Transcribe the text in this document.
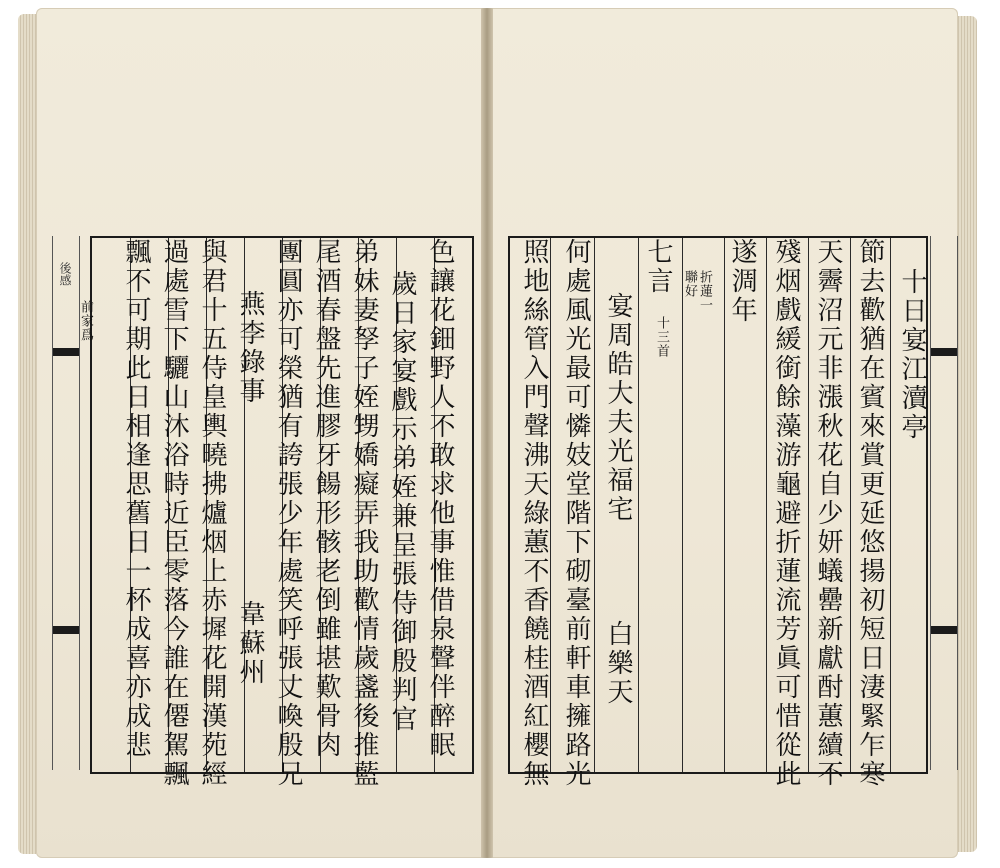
後感
前家爲	色讓花鈿野人不敢求他事惟借泉聲伴醉眠
歲日家宴戲示弟姪兼呈張侍御殷判官
弟妹妻孥子姪甥嬌癡弄我助歡情歲盞後推藍
尾酒春盤先進膠牙餳形骸老倒雖堪歎骨肉
團圓亦可榮猶有誇張少年處笑呼張丈喚殷兄
燕李錄事
韋蘇州
與君十五侍皇輿曉拂爐烟上赤墀花開漢苑經
過處雪下驪山沐浴時近臣零落今誰在僊駕飄
飄不可期此日相逢思舊日一杯成喜亦成悲	十日宴江瀆亭
節去歡猶在賓來賞更延悠揚初短日淒緊乍寒
天霽沼元非漲秋花自少妍蟻罍新獻酎蕙續不
殘烟戲緩銜餘藻游龜避折蓮流芳眞可惜從此
遂淍年
折蓮一
聯好
七言
十三首
宴周皓大夫光福宅
白樂天
何處風光最可憐妓堂階下砌臺前軒車擁路光
照地絲管入門聲沸天綠蕙不香饒桂酒紅櫻無
